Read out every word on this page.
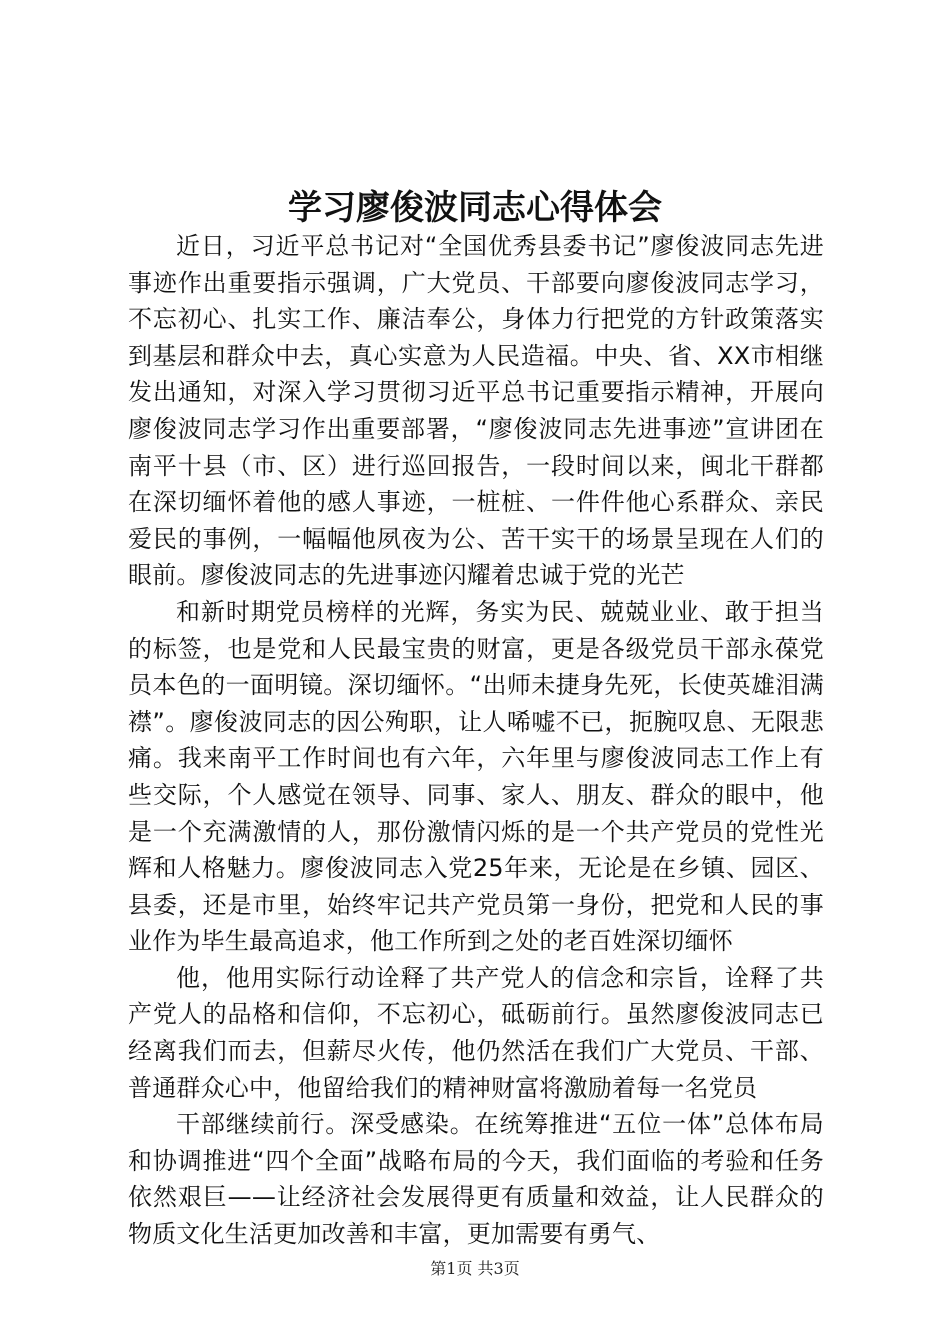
学习廖俊波同志心得体会

近日，习近平总书记对“全国优秀县委书记”廖俊波同志先进事迹作出重要指示强调，广大党员、干部要向廖俊波同志学习，不忘初心、扎实工作、廉洁奉公，身体力行把党的方针政策落实到基层和群众中去，真心实意为人民造福。中央、省、XX市相继发出通知，对深入学习贯彻习近平总书记重要指示精神，开展向廖俊波同志学习作出重要部署，“廖俊波同志先进事迹”宣讲团在南平十县（市、区）进行巡回报告，一段时间以来，闽北干群都在深切缅怀着他的感人事迹，一桩桩、一件件他心系群众、亲民爱民的事例，一幅幅他夙夜为公、苦干实干的场景呈现在人们的眼前。廖俊波同志的先进事迹闪耀着忠诚于党的光芒

和新时期党员榜样的光辉，务实为民、兢兢业业、敢于担当的标签，也是党和人民最宝贵的财富，更是各级党员干部永葆党员本色的一面明镜。深切缅怀。“出师未捷身先死，长使英雄泪满襟”。廖俊波同志的因公殉职，让人唏嘘不已，扼腕叹息、无限悲痛。我来南平工作时间也有六年，六年里与廖俊波同志工作上有些交际，个人感觉在领导、同事、家人、朋友、群众的眼中，他是一个充满激情的人，那份激情闪烁的是一个共产党员的党性光辉和人格魅力。廖俊波同志入党25年来，无论是在乡镇、园区、县委，还是市里，始终牢记共产党员第一身份，把党和人民的事业作为毕生最高追求，他工作所到之处的老百姓深切缅怀

他，他用实际行动诠释了共产党人的信念和宗旨，诠释了共产党人的品格和信仰，不忘初心，砥砺前行。虽然廖俊波同志已经离我们而去，但薪尽火传，他仍然活在我们广大党员、干部、普通群众心中，他留给我们的精神财富将激励着每一名党员

干部继续前行。深受感染。在统筹推进“五位一体”总体布局和协调推进“四个全面”战略布局的今天，我们面临的考验和任务依然艰巨——让经济社会发展得更有质量和效益，让人民群众的物质文化生活更加改善和丰富，更加需要有勇气、

第1页 共3页
